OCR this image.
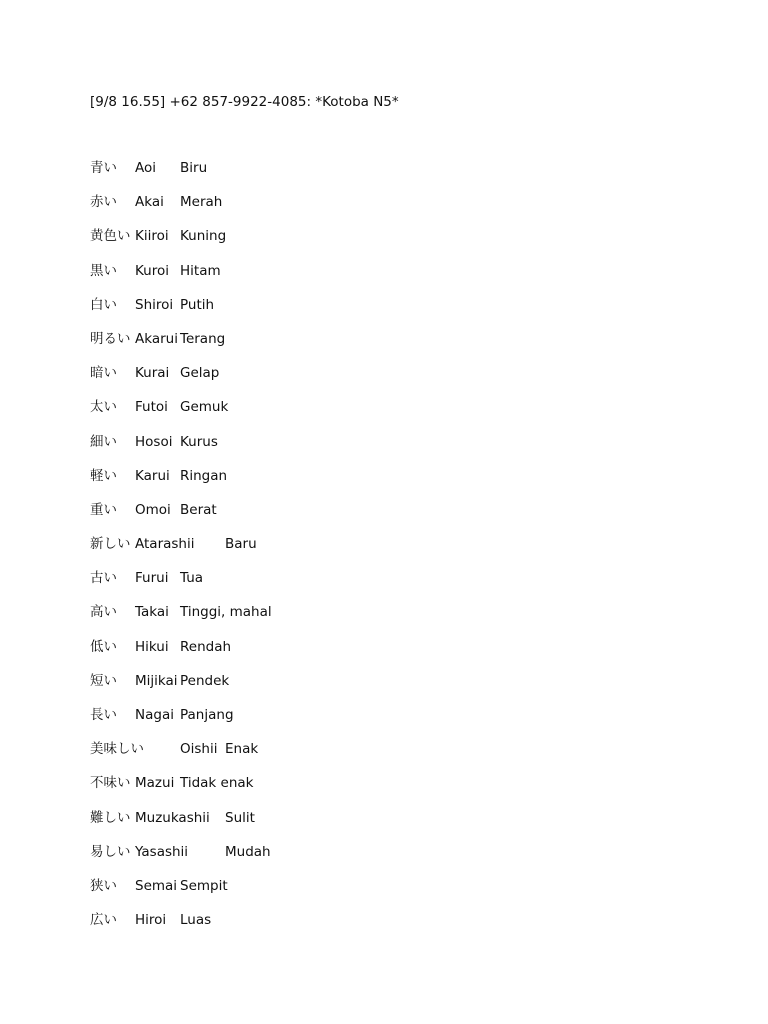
[9/8 16.55] +62 857-9922-4085: *Kotoba N5*
青い Aoi Biru
赤い Akai Merah
黄色い Kiiroi Kuning
黒い Kuroi Hitam
白い Shiroi Putih
明るい Akarui Terang
暗い Kurai Gelap
太い Futoi Gemuk
細い Hosoi Kurus
軽い Karui Ringan
重い Omoi Berat
新しい Atarashii Baru
古い Furui Tua
高い Takai Tinggi, mahal
低い Hikui Rendah
短い Mijikai Pendek
長い Nagai Panjang
美味しい	Oishii Enak
不味い Mazui Tidak enak
難しい Muzukashii Sulit
易しい Yasashii	Mudah
狭い Semai Sempit
広い Hiroi Luas
